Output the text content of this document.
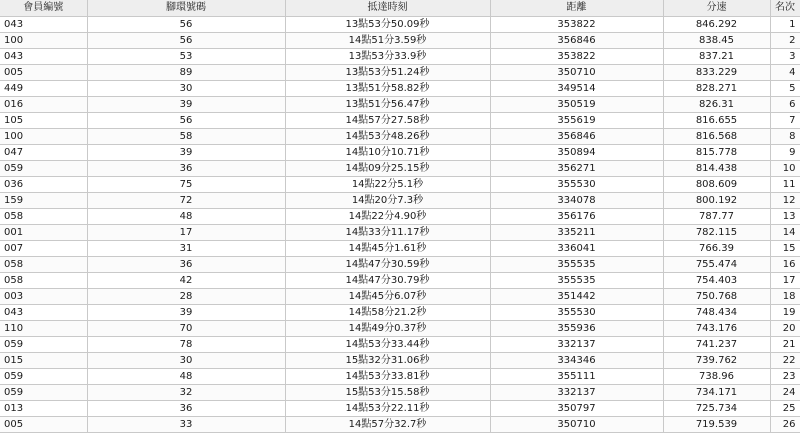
會員編號	腳環號碼	抵達時刻	距離	分速	名次
043	56	13點53分50.09秒	353822	846.292	1
100	56	14點51分3.59秒	356846	838.45	2
043	53	13點53分33.9秒	353822	837.21	3
005	89	13點53分51.24秒	350710	833.229	4
449	30	13點51分58.82秒	349514	828.271	5
016	39	13點51分56.47秒	350519	826.31	6
105	56	14點57分27.58秒	355619	816.655	7
100	58	14點53分48.26秒	356846	816.568	8
047	39	14點10分10.71秒	350894	815.778	9
059	36	14點09分25.15秒	356271	814.438	10
036	75	14點22分5.1秒	355530	808.609	11
159	72	14點20分7.3秒	334078	800.192	12
058	48	14點22分4.90秒	356176	787.77	13
001	17	14點33分11.17秒	335211	782.115	14
007	31	14點45分1.61秒	336041	766.39	15
058	36	14點47分30.59秒	355535	755.474	16
058	42	14點47分30.79秒	355535	754.403	17
003	28	14點45分6.07秒	351442	750.768	18
043	39	14點58分21.2秒	355530	748.434	19
110	70	14點49分0.37秒	355936	743.176	20
059	78	14點53分33.44秒	332137	741.237	21
015	30	15點32分31.06秒	334346	739.762	22
059	48	14點53分33.81秒	355111	738.96	23
059	32	15點53分15.58秒	332137	734.171	24
013	36	14點53分22.11秒	350797	725.734	25
005	33	14點57分32.7秒	350710	719.539	26
